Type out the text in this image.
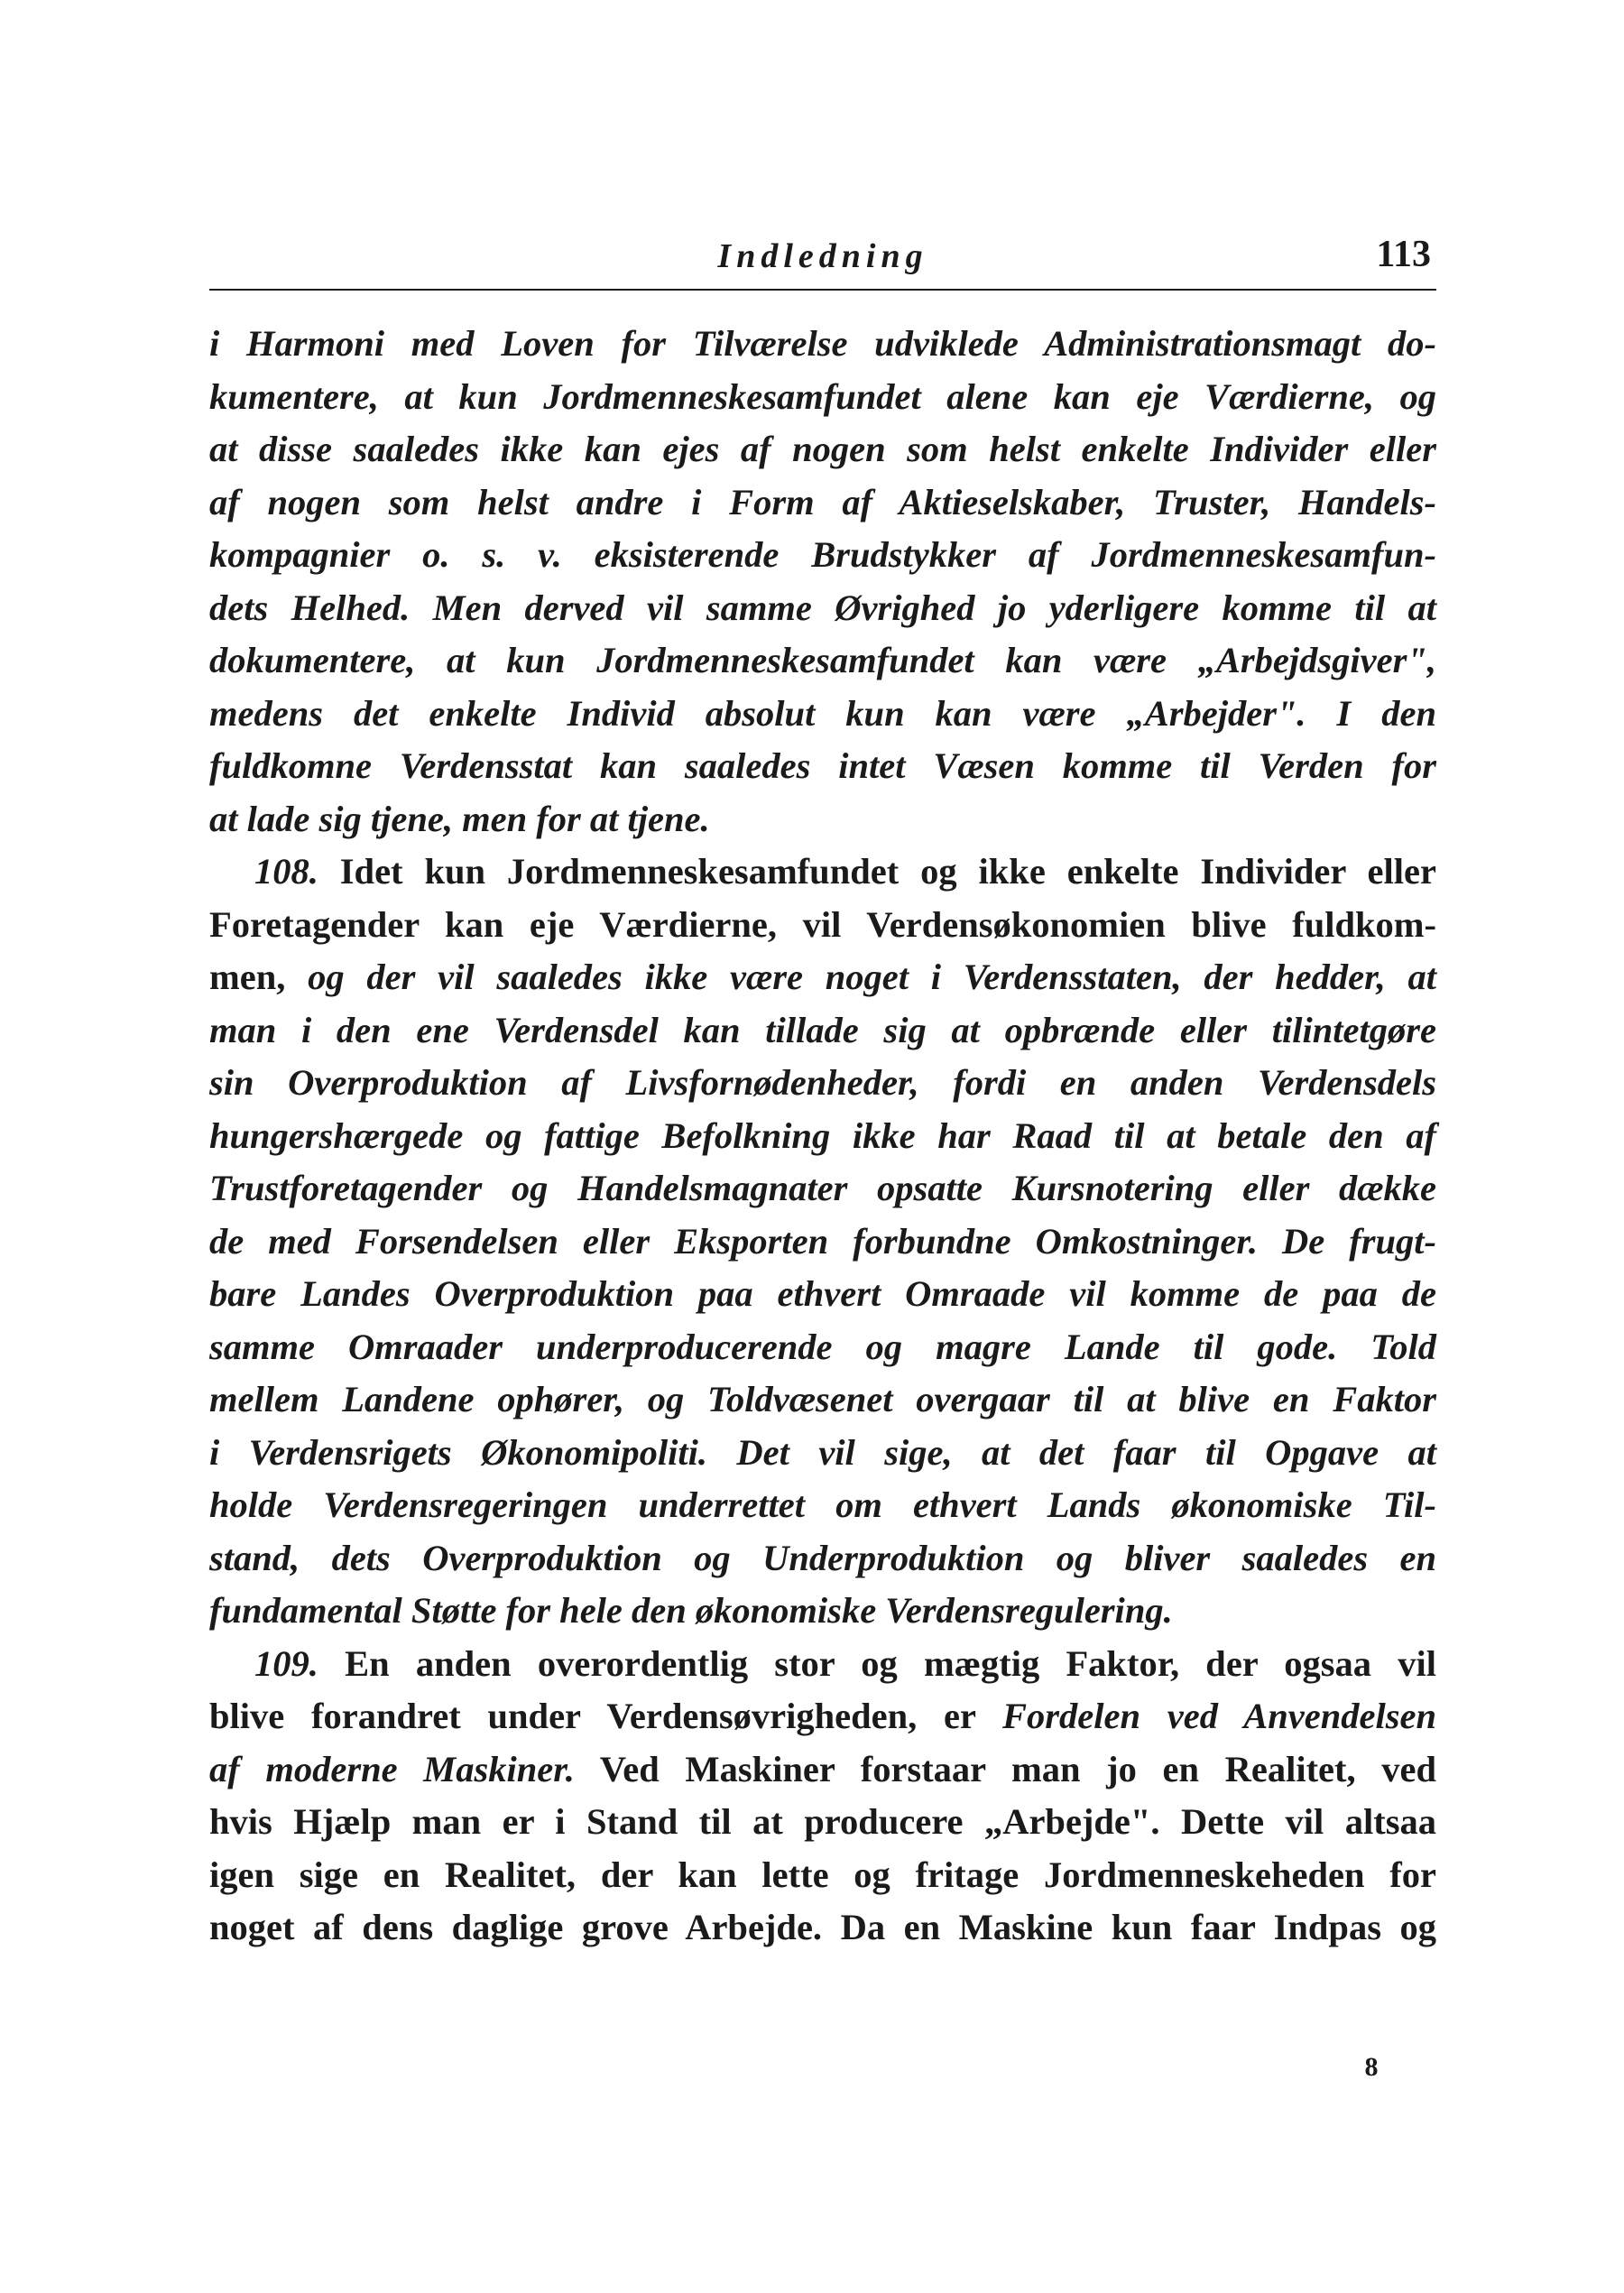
Indledning	113
i Harmoni med Loven for Tilværelse udviklede Administrationsmagt do-
kumentere, at kun Jordmenneskesamfundet alene kan eje Værdierne, og
at disse saaledes ikke kan ejes af nogen som helst enkelte Individer eller
af nogen som helst andre i Form af Aktieselskaber, Truster, Handels-
kompagnier o. s. v. eksisterende Brudstykker af Jordmenneskesamfun-
dets Helhed. Men derved vil samme Øvrighed jo yderligere komme til at
dokumentere, at kun Jordmenneskesamfundet kan være „Arbejdsgiver",
medens det enkelte Individ absolut kun kan være „Arbejder". I den
fuldkomne Verdensstat kan saaledes intet Væsen komme til Verden for
at lade sig tjene, men for at tjene.
108. Idet kun Jordmenneskesamfundet og ikke enkelte Individer eller
Foretagender kan eje Værdierne, vil Verdensøkonomien blive fuldkom-
men, og der vil saaledes ikke være noget i Verdensstaten, der hedder, at
man i den ene Verdensdel kan tillade sig at opbrænde eller tilintetgøre
sin Overproduktion af Livsfornødenheder, fordi en anden Verdensdels
hungershærgede og fattige Befolkning ikke har Raad til at betale den af
Trustforetagender og Handelsmagnater opsatte Kursnotering eller dække
de med Forsendelsen eller Eksporten forbundne Omkostninger. De frugt-
bare Landes Overproduktion paa ethvert Omraade vil komme de paa de
samme Omraader underproducerende og magre Lande til gode. Told
mellem Landene ophører, og Toldvæsenet overgaar til at blive en Faktor
i Verdensrigets Økonomipoliti. Det vil sige, at det faar til Opgave at
holde Verdensregeringen underrettet om ethvert Lands økonomiske Til-
stand, dets Overproduktion og Underproduktion og bliver saaledes en
fundamental Støtte for hele den økonomiske Verdensregulering.
109. En anden overordentlig stor og mægtig Faktor, der ogsaa vil
blive forandret under Verdensøvrigheden, er Fordelen ved Anvendelsen
af moderne Maskiner. Ved Maskiner forstaar man jo en Realitet, ved
hvis Hjælp man er i Stand til at producere „Arbejde". Dette vil altsaa
igen sige en Realitet, der kan lette og fritage Jordmenneskeheden for
noget af dens daglige grove Arbejde. Da en Maskine kun faar Indpas og
8
